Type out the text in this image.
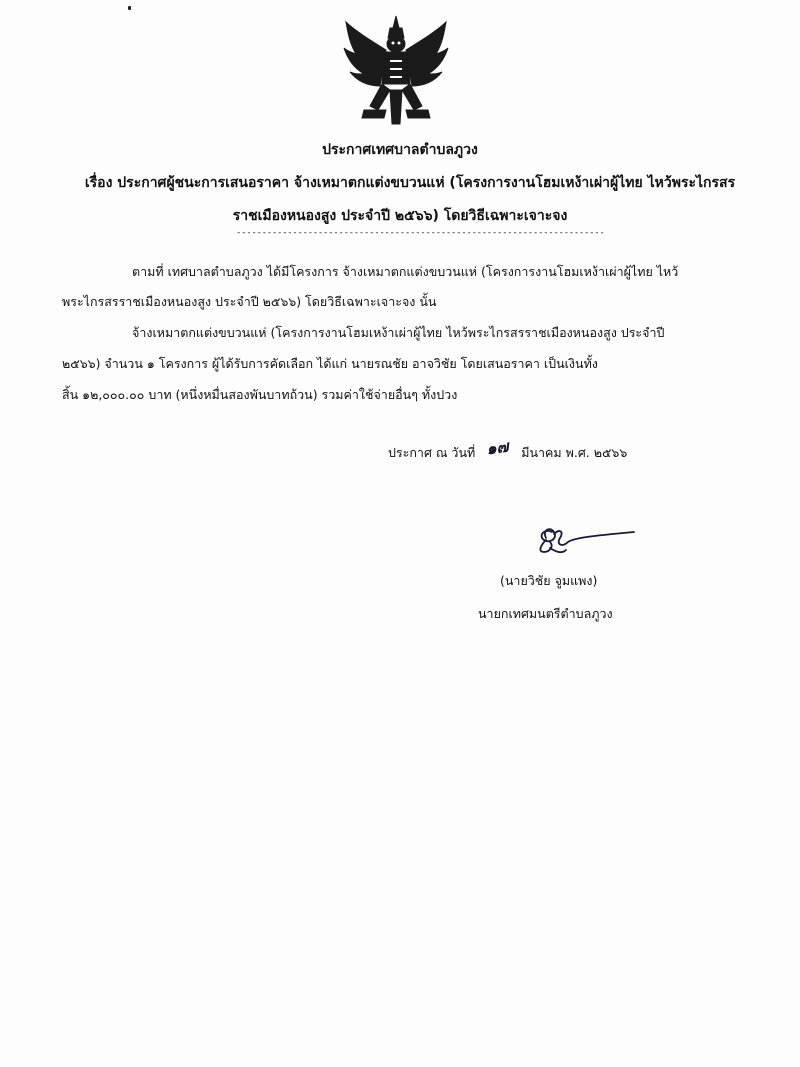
ประกาศเทศบาลตำบลภูวง
เรื่อง ประกาศผู้ชนะการเสนอราคา จ้างเหมาตกแต่งขบวนแห่ (โครงการงานโฮมเหง้าเผ่าผู้ไทย ไหว้พระไกรสร
ราชเมืองหนองสูง ประจำปี ๒๕๖๖) โดยวิธีเฉพาะเจาะจง
------------------------------------------------------------------------
ตามที่ เทศบาลตำบลภูวง ได้มีโครงการ จ้างเหมาตกแต่งขบวนแห่ (โครงการงานโฮมเหง้าเผ่าผู้ไทย ไหว้
พระไกรสรราชเมืองหนองสูง ประจำปี ๒๕๖๖) โดยวิธีเฉพาะเจาะจง นั้น
จ้างเหมาตกแต่งขบวนแห่ (โครงการงานโฮมเหง้าเผ่าผู้ไทย ไหว้พระไกรสรราชเมืองหนองสูง ประจำปี
๒๕๖๖) จำนวน ๑ โครงการ ผู้ได้รับการคัดเลือก ได้แก่ นายรณชัย อาจวิชัย โดยเสนอราคา เป็นเงินทั้ง
สิ้น ๑๒,๐๐๐.๐๐ บาท (หนึ่งหมื่นสองพันบาทถ้วน) รวมค่าใช้จ่ายอื่นๆ ทั้งปวง
ประกาศ ณ วันที่ ๑๗ มีนาคม พ.ศ. ๒๕๖๖
(นายวิชัย จูมแพง)
นายกเทศมนตรีตำบลภูวง
